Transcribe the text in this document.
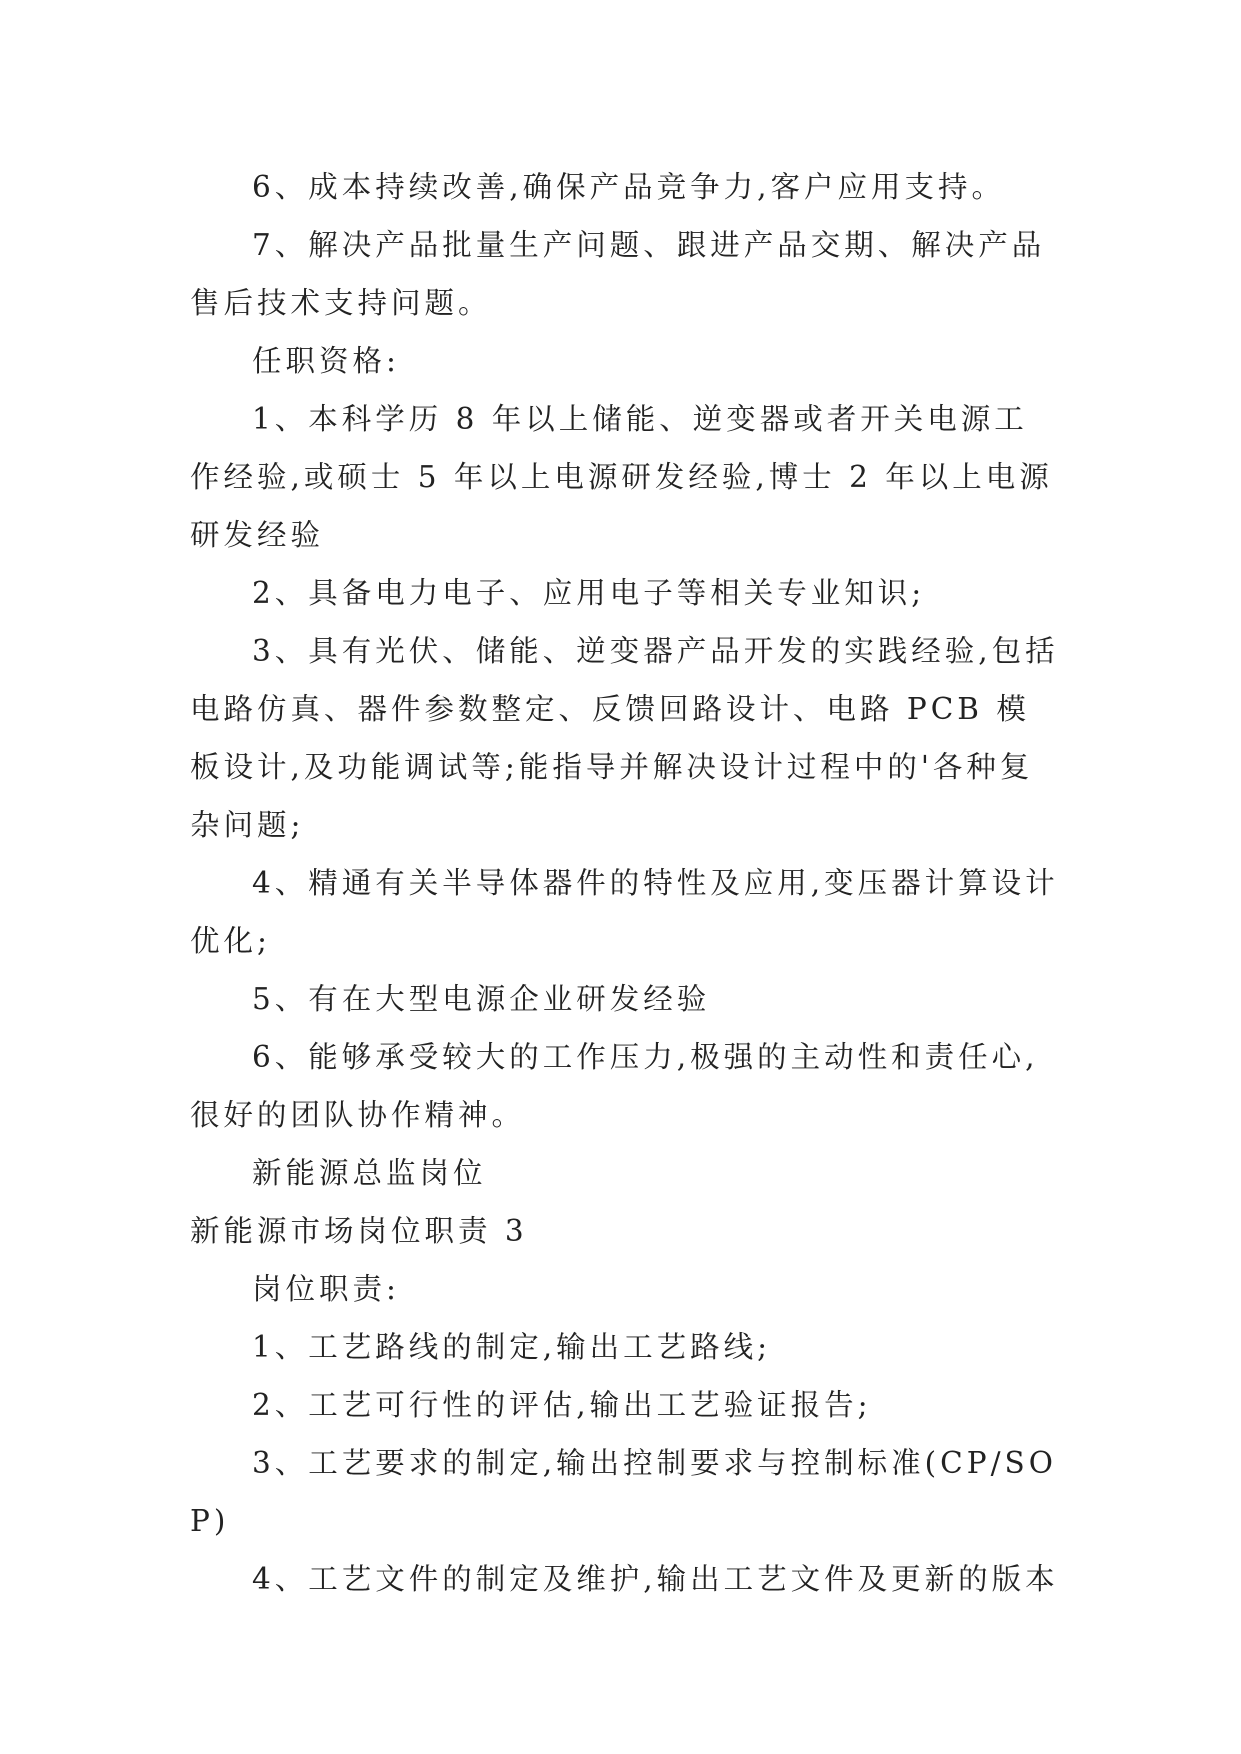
6、成本持续改善,确保产品竞争力,客户应用支持。

7、解决产品批量生产问题、跟进产品交期、解决产品售后技术支持问题。

任职资格:

1、本科学历 8 年以上储能、逆变器或者开关电源工作经验,或硕士 5 年以上电源研发经验,博士 2 年以上电源研发经验

2、具备电力电子、应用电子等相关专业知识;

3、具有光伏、储能、逆变器产品开发的实践经验,包括电路仿真、器件参数整定、反馈回路设计、电路 PCB 模板设计,及功能调试等;能指导并解决设计过程中的'各种复杂问题;

4、精通有关半导体器件的特性及应用,变压器计算设计优化;

5、有在大型电源企业研发经验

6、能够承受较大的工作压力,极强的主动性和责任心,很好的团队协作精神。

新能源总监岗位

新能源市场岗位职责 3

岗位职责:

1、工艺路线的制定,输出工艺路线;

2、工艺可行性的评估,输出工艺验证报告;

3、工艺要求的制定,输出控制要求与控制标准(CP/SOP)

4、工艺文件的制定及维护,输出工艺文件及更新的版本
